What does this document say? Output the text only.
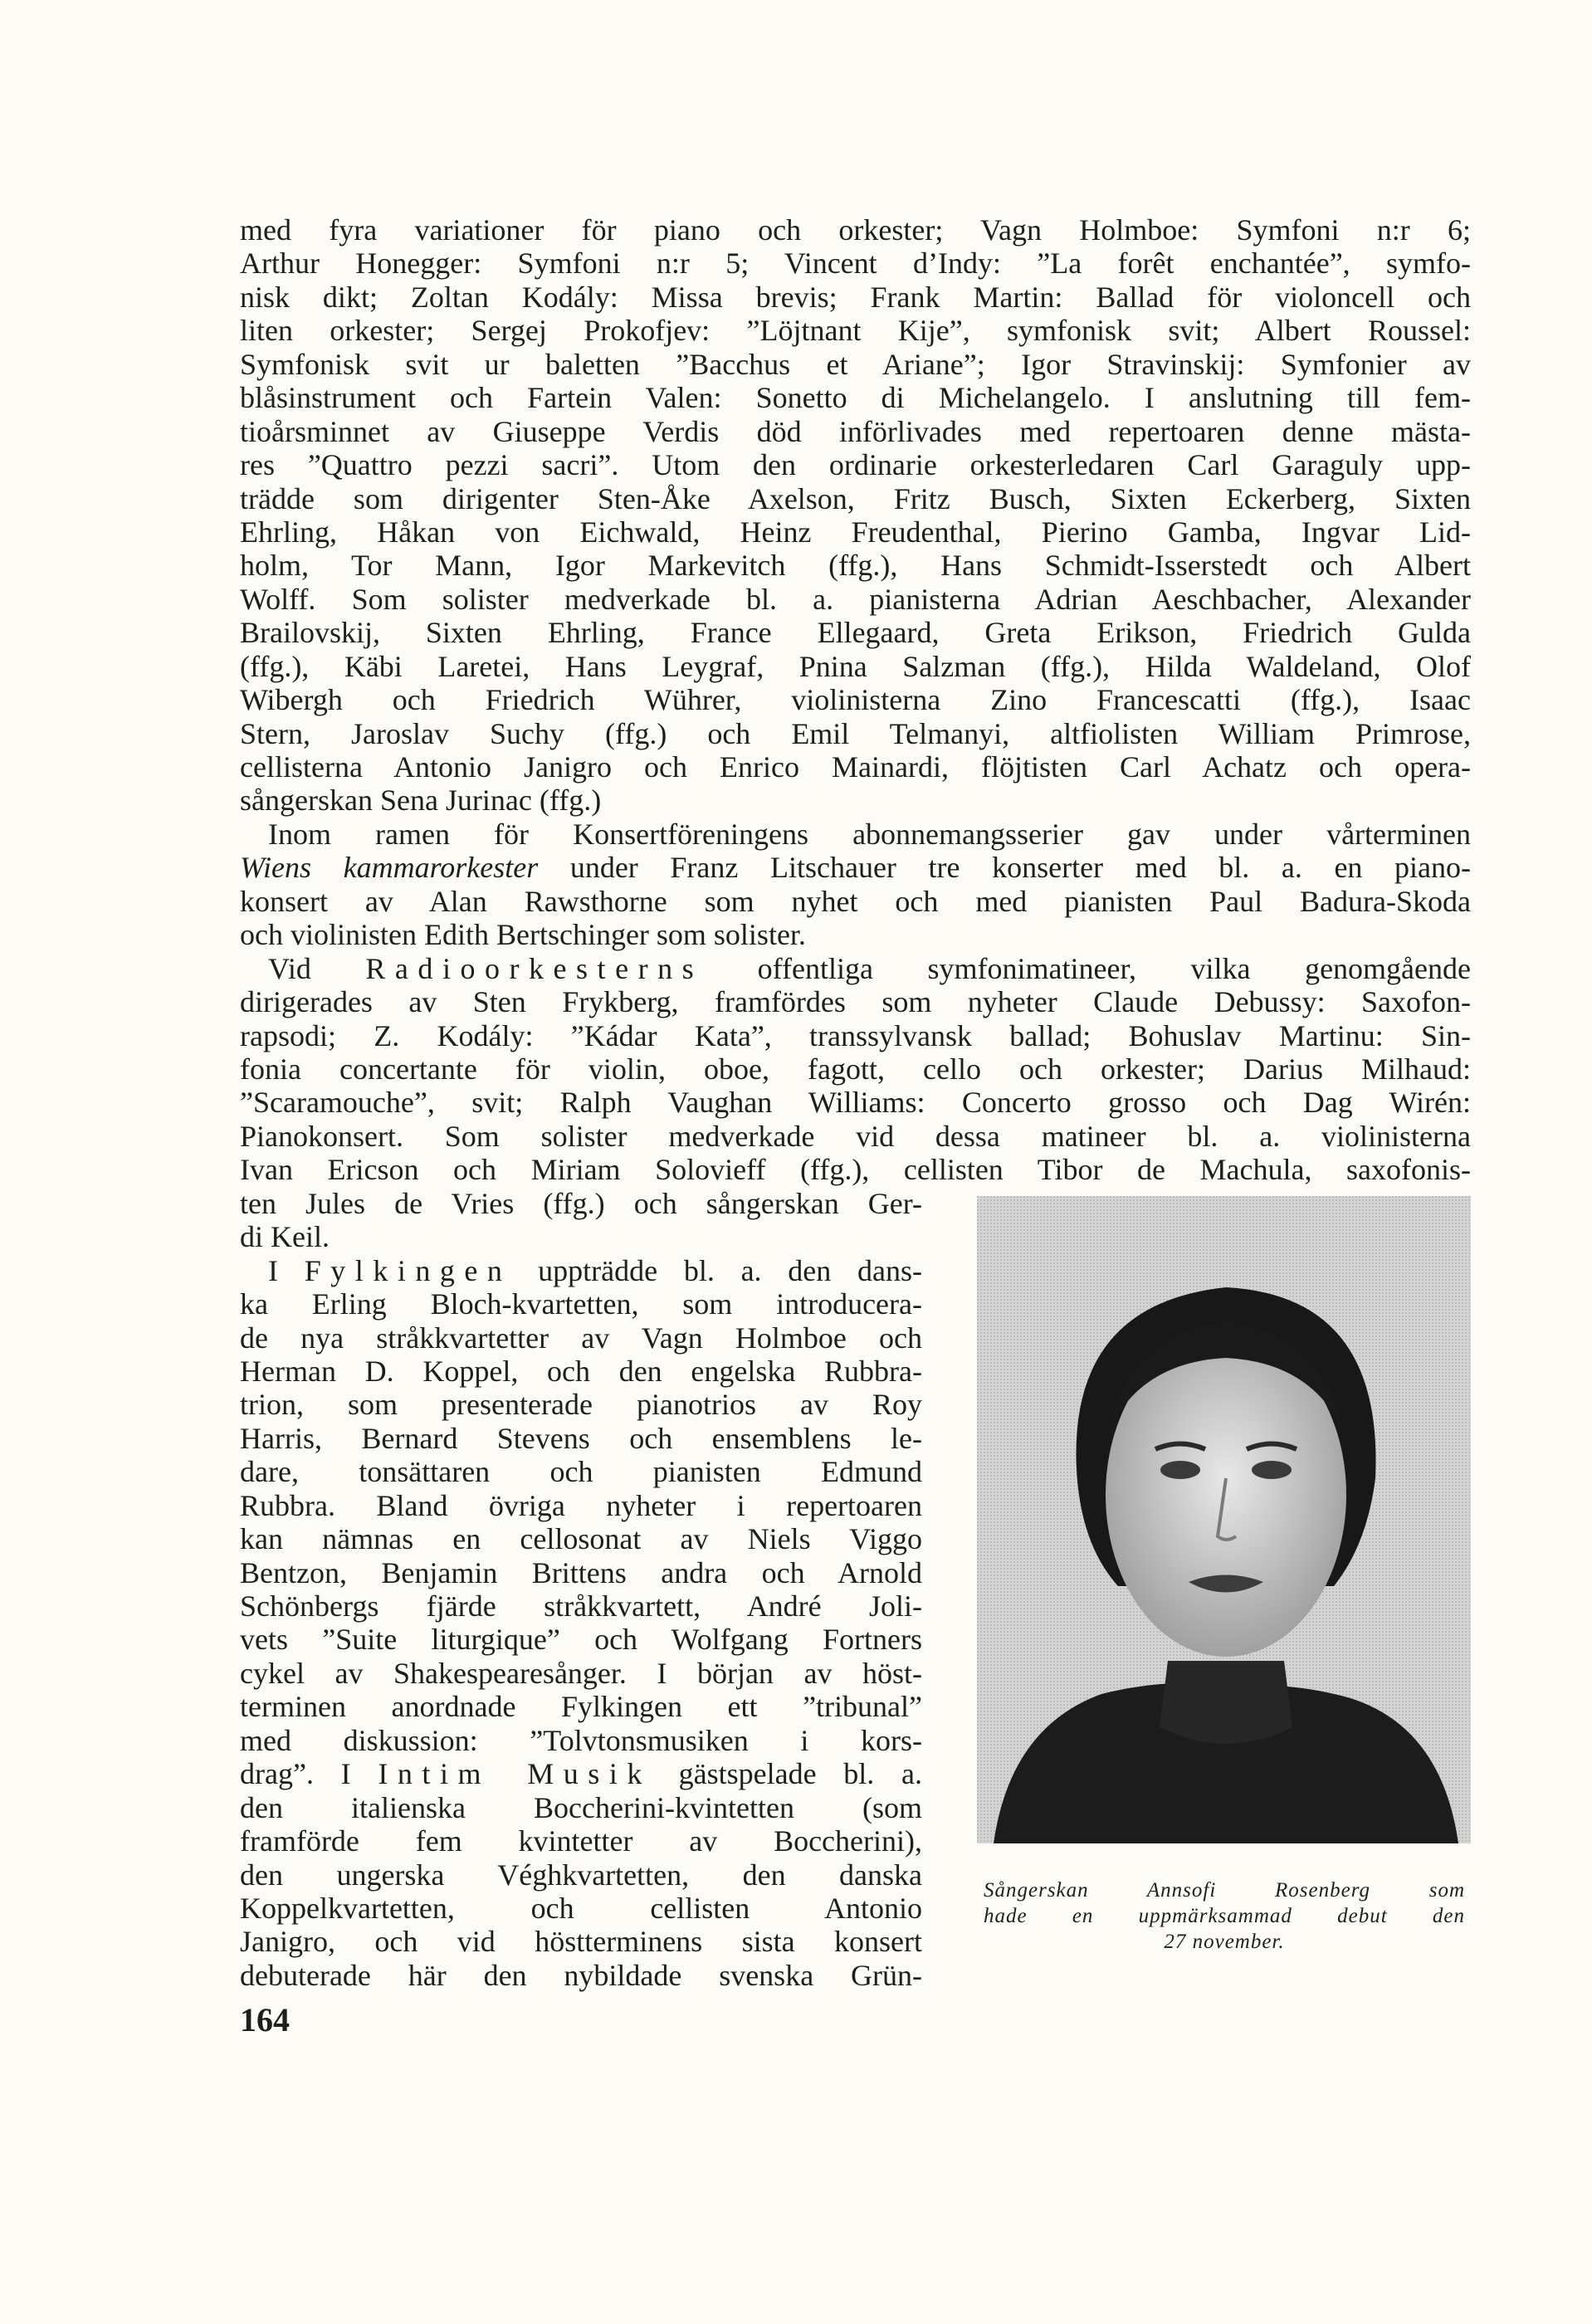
med fyra variationer för piano och orkester; Vagn Holmboe: Symfoni n:r 6;
Arthur Honegger: Symfoni n:r 5; Vincent d’Indy: ”La forêt enchantée”, symfo-
nisk dikt; Zoltan Kodály: Missa brevis; Frank Martin: Ballad för violoncell och
liten orkester; Sergej Prokofjev: ”Löjtnant Kije”, symfonisk svit; Albert Roussel:
Symfonisk svit ur baletten ”Bacchus et Ariane”; Igor Stravinskij: Symfonier av
blåsinstrument och Fartein Valen: Sonetto di Michelangelo. I anslutning till fem-
tioårsminnet av Giuseppe Verdis död införlivades med repertoaren denne mästa-
res ”Quattro pezzi sacri”. Utom den ordinarie orkesterledaren Carl Garaguly upp-
trädde som dirigenter Sten-Åke Axelson, Fritz Busch, Sixten Eckerberg, Sixten
Ehrling, Håkan von Eichwald, Heinz Freudenthal, Pierino Gamba, Ingvar Lid-
holm, Tor Mann, Igor Markevitch (ffg.), Hans Schmidt-Isserstedt och Albert
Wolff. Som solister medverkade bl. a. pianisterna Adrian Aeschbacher, Alexander
Brailovskij, Sixten Ehrling, France Ellegaard, Greta Erikson, Friedrich Gulda
(ffg.), Käbi Laretei, Hans Leygraf, Pnina Salzman (ffg.), Hilda Waldeland, Olof
Wibergh och Friedrich Wührer, violinisterna Zino Francescatti (ffg.), Isaac
Stern, Jaroslav Suchy (ffg.) och Emil Telmanyi, altfiolisten William Primrose,
cellisterna Antonio Janigro och Enrico Mainardi, flöjtisten Carl Achatz och opera-
sångerskan Sena Jurinac (ffg.)
Inom ramen för Konsertföreningens abonnemangsserier gav under vårterminen
Wiens kammarorkester under Franz Litschauer tre konserter med bl. a. en piano-
konsert av Alan Rawsthorne som nyhet och med pianisten Paul Badura-Skoda
och violinisten Edith Bertschinger som solister.
Vid Radioorkesterns offentliga symfonimatineer, vilka genomgående
dirigerades av Sten Frykberg, framfördes som nyheter Claude Debussy: Saxofon-
rapsodi; Z. Kodály: ”Kádar Kata”, transsylvansk ballad; Bohuslav Martinu: Sin-
fonia concertante för violin, oboe, fagott, cello och orkester; Darius Milhaud:
”Scaramouche”, svit; Ralph Vaughan Williams: Concerto grosso och Dag Wirén:
Pianokonsert. Som solister medverkade vid dessa matineer bl. a. violinisterna
Ivan Ericson och Miriam Solovieff (ffg.), cellisten Tibor de Machula, saxofonis-
ten Jules de Vries (ffg.) och sångerskan Ger-
di Keil.
I Fylkingen uppträdde bl. a. den dans-
ka Erling Bloch-kvartetten, som introducera-
de nya stråkkvartetter av Vagn Holmboe och
Herman D. Koppel, och den engelska Rubbra-
trion, som presenterade pianotrios av Roy
Harris, Bernard Stevens och ensemblens le-
dare, tonsättaren och pianisten Edmund
Rubbra. Bland övriga nyheter i repertoaren
kan nämnas en cellosonat av Niels Viggo
Bentzon, Benjamin Brittens andra och Arnold
Schönbergs fjärde stråkkvartett, André Joli-
vets ”Suite liturgique” och Wolfgang Fortners
cykel av Shakespearesånger. I början av höst-
terminen anordnade Fylkingen ett ”tribunal”
med diskussion: ”Tolvtonsmusiken i kors-
drag”. I Intim Musik gästspelade bl. a.
den italienska Boccherini-kvintetten (som
framförde fem kvintetter av Boccherini),
den ungerska Véghkvartetten, den danska
Koppelkvartetten, och cellisten Antonio
Janigro, och vid höstterminens sista konsert
debuterade här den nybildade svenska Grün-
Sångerskan Annsofi Rosenberg som
hade en uppmärksammad debut den
27 november.
164
